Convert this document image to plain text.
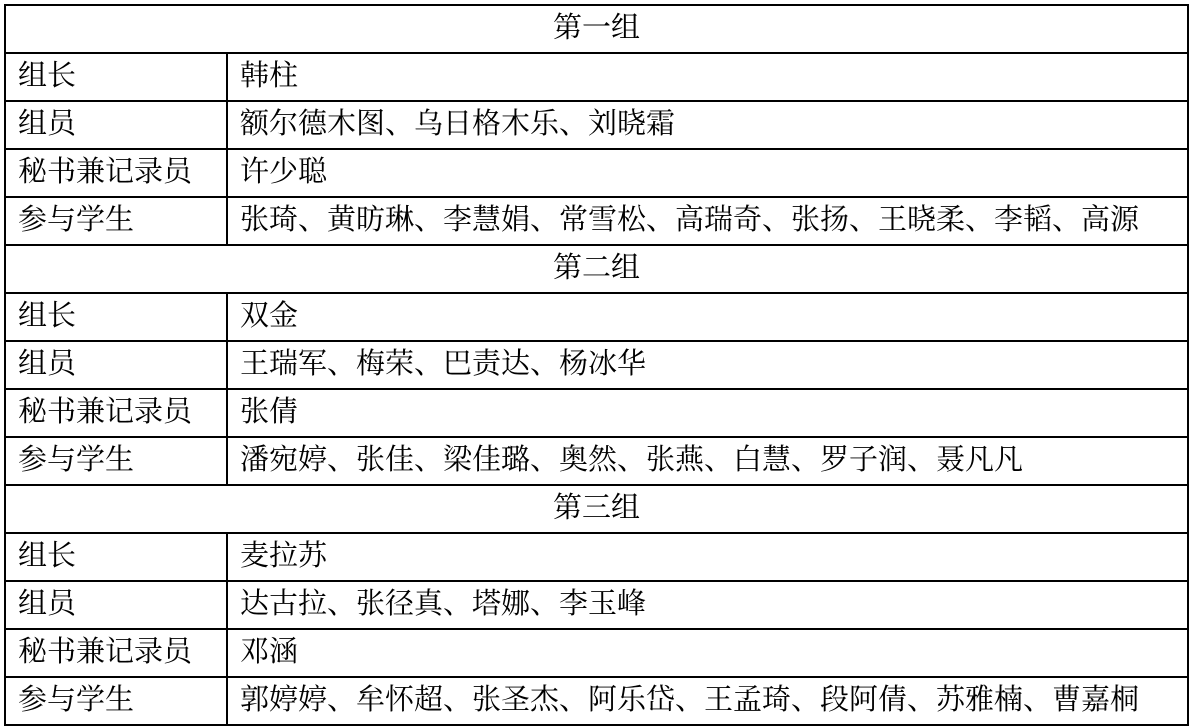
第一组	
组长	韩柱
组员	额尔德木图、乌日格木乐、刘晓霜
秘书兼记录员	许少聪
参与学生	张琦、黄昉琳、李慧娟、常雪松、高瑞奇、张扬、王晓柔、李韬、高源
第二组	
组长	双金
组员	王瑞军、梅荣、巴责达、杨冰华
秘书兼记录员	张倩
参与学生	潘宛婷、张佳、梁佳璐、奥然、张燕、白慧、罗子润、聂凡凡
第三组	
组长	麦拉苏
组员	达古拉、张径真、塔娜、李玉峰
秘书兼记录员	邓涵
参与学生	郭婷婷、牟怀超、张圣杰、阿乐岱、王孟琦、段阿倩、苏雅楠、曹嘉桐
